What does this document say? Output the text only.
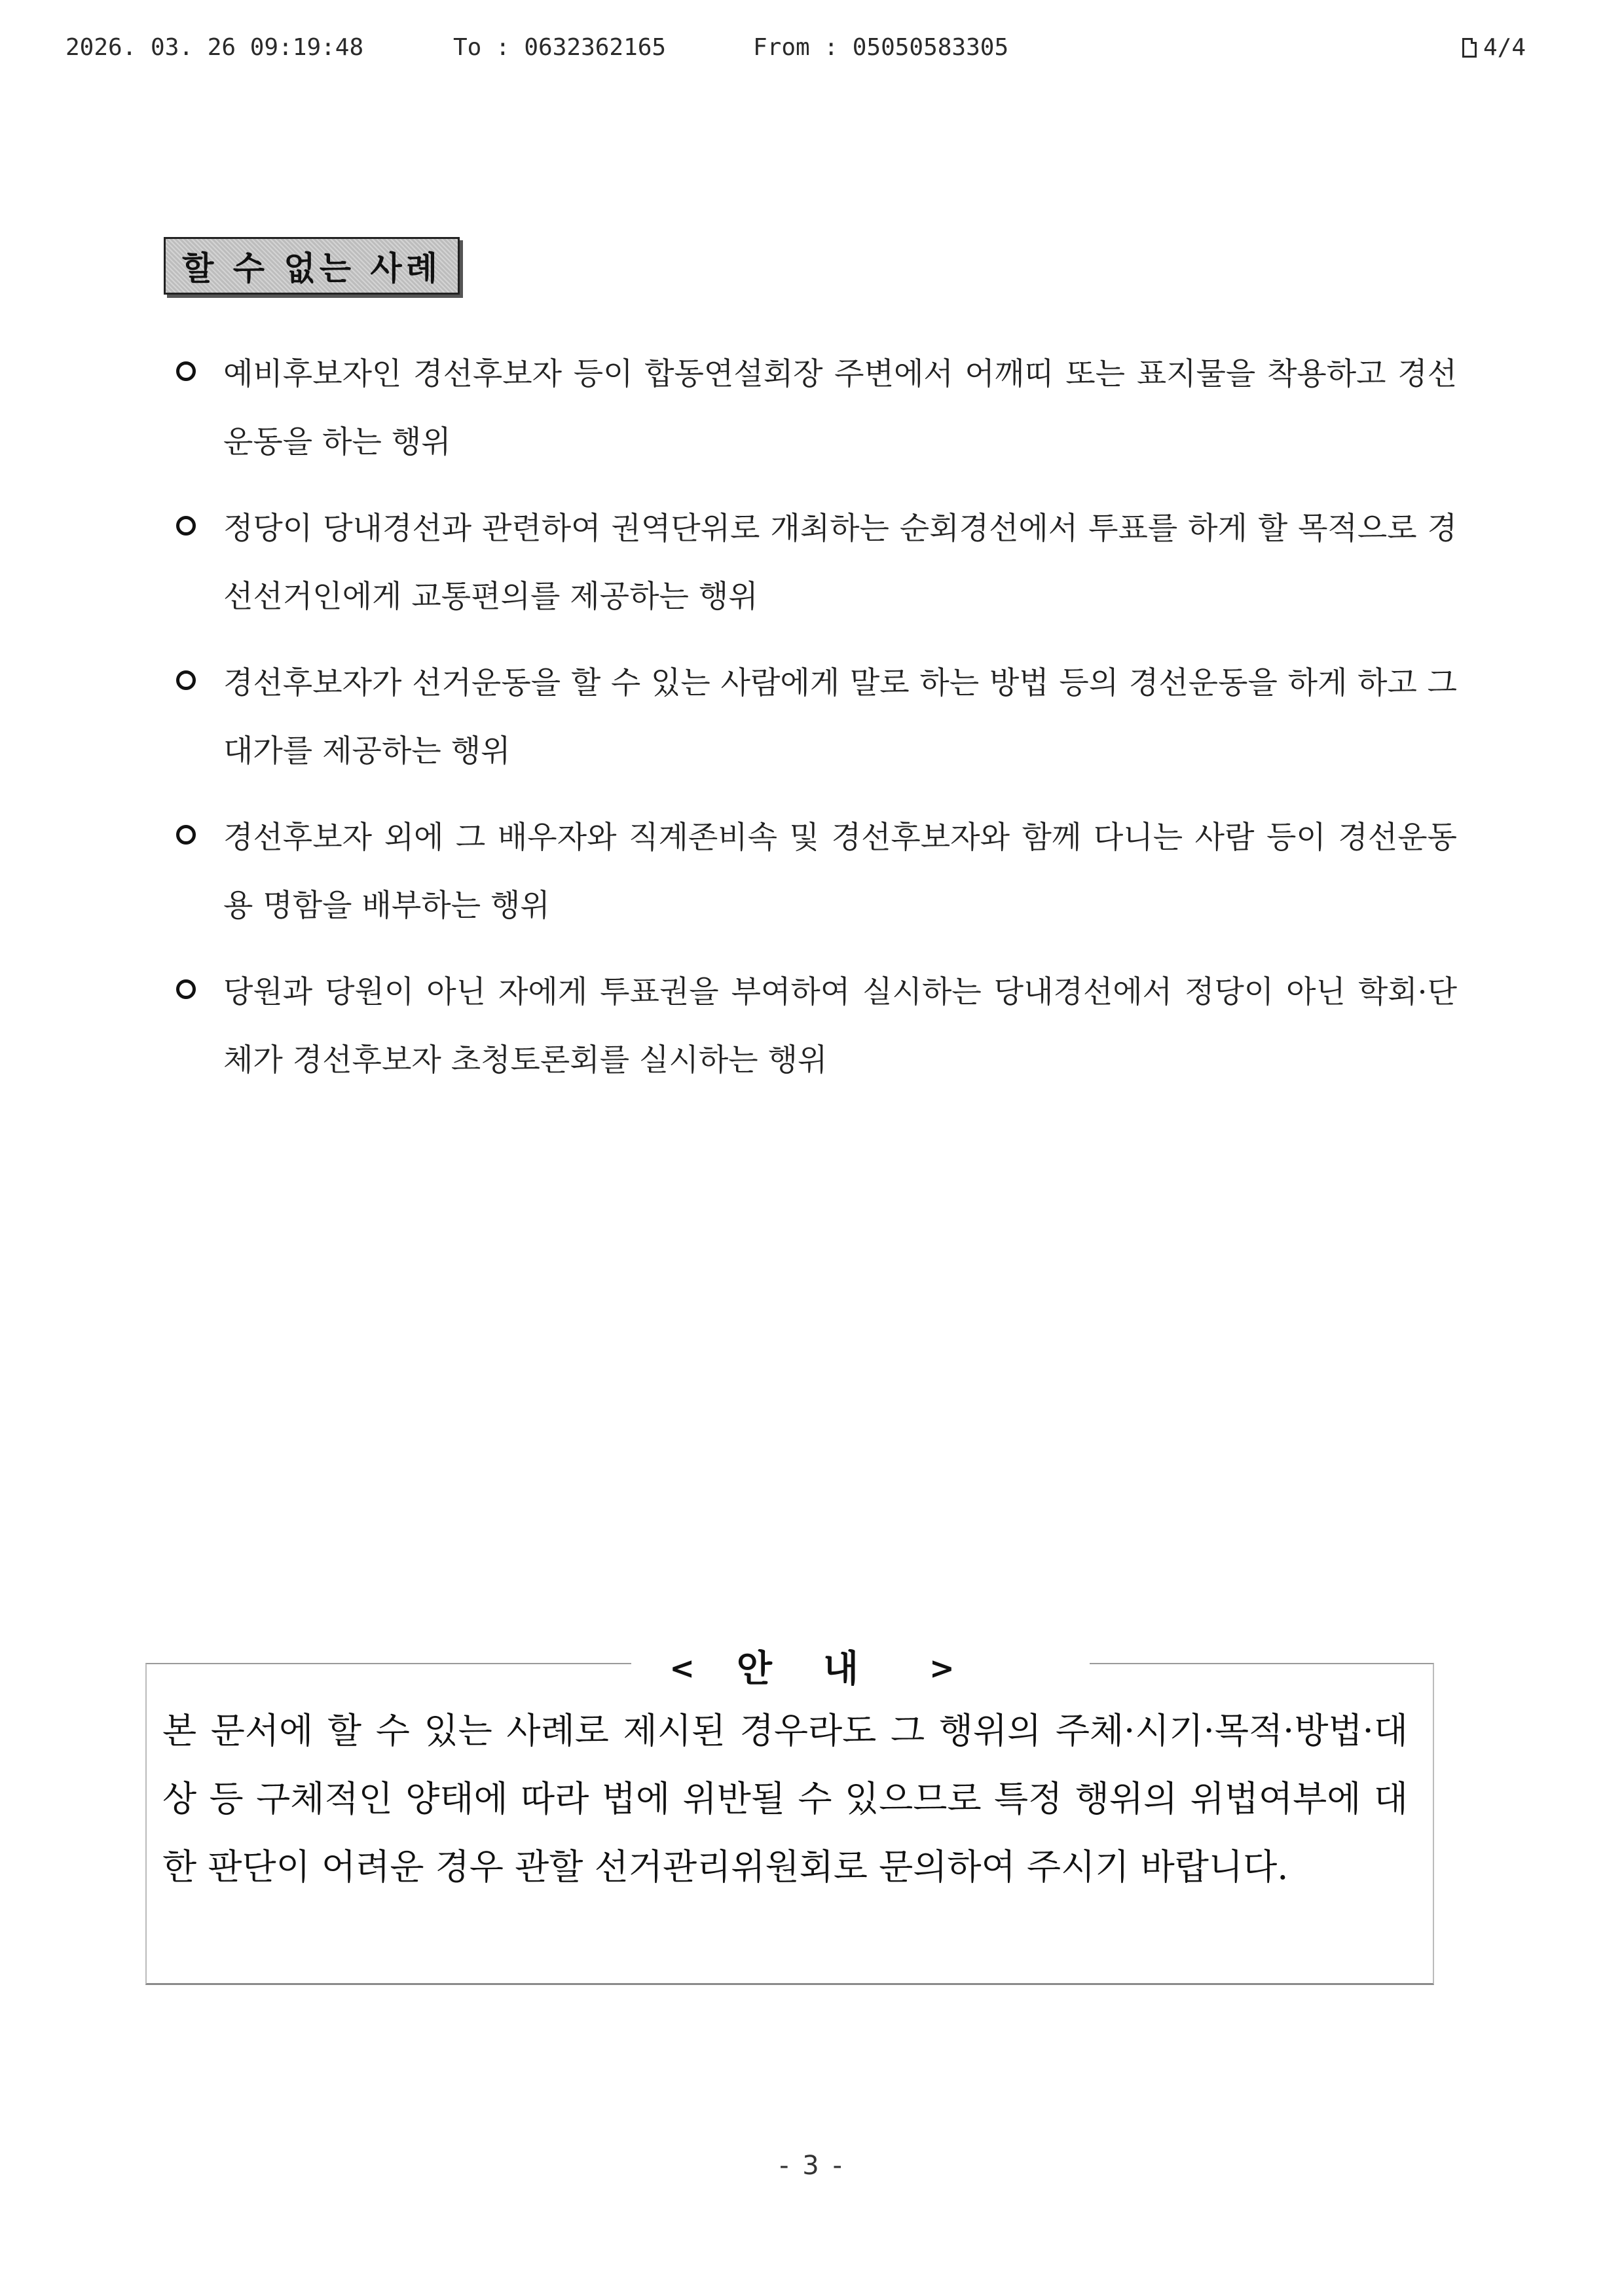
2026. 03. 26 09:19:48	To : 0632362165	From : 05050583305	4/4
할 수 없는 사례
예비후보자인 경선후보자 등이 합동연설회장 주변에서 어깨띠 또는 표지물을 착용하고 경선운동을 하는 행위
정당이 당내경선과 관련하여 권역단위로 개최하는 순회경선에서 투표를 하게 할 목적으로 경선선거인에게 교통편의를 제공하는 행위
경선후보자가 선거운동을 할 수 있는 사람에게 말로 하는 방법 등의 경선운동을 하게 하고 그 대가를 제공하는 행위
경선후보자 외에 그 배우자와 직계존비속 및 경선후보자와 함께 다니는 사람 등이 경선운동용 명함을 배부하는 행위
당원과 당원이 아닌 자에게 투표권을 부여하여 실시하는 당내경선에서 정당이 아닌 학회·단체가 경선후보자 초청토론회를 실시하는 행위
< 안내 >
본 문서에 할 수 있는 사례로 제시된 경우라도 그 행위의 주체·시기·목적·방법·대상 등 구체적인 양태에 따라 법에 위반될 수 있으므로 특정 행위의 위법여부에 대한 판단이 어려운 경우 관할 선거관리위원회로 문의하여 주시기 바랍니다.
- 3 -
